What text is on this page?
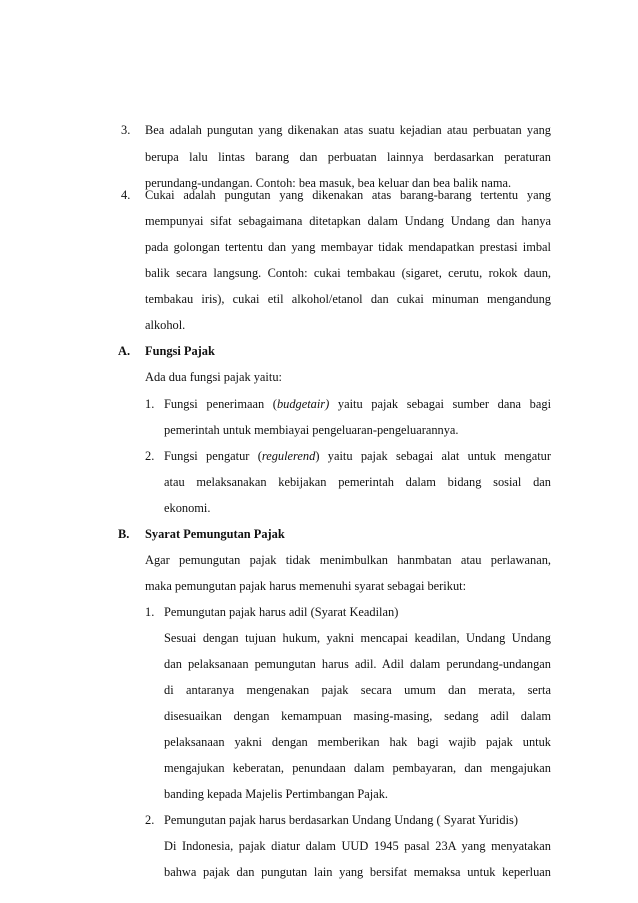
3. Bea adalah pungutan yang dikenakan atas suatu kejadian atau perbuatan yang
berupa lalu lintas barang dan perbuatan lainnya berdasarkan peraturan
perundang-undangan. Contoh: bea masuk, bea keluar dan bea balik nama.
4. Cukai adalah pungutan yang dikenakan atas barang-barang tertentu yang
mempunyai sifat sebagaimana ditetapkan dalam Undang Undang dan hanya
pada golongan tertentu dan yang membayar tidak mendapatkan prestasi imbal
balik secara langsung. Contoh: cukai tembakau (sigaret, cerutu, rokok daun,
tembakau iris), cukai etil alkohol/etanol dan cukai minuman mengandung
alkohol.
A. Fungsi Pajak
Ada dua fungsi pajak yaitu:
1. Fungsi penerimaan (budgetair) yaitu pajak sebagai sumber dana bagi
pemerintah untuk membiayai pengeluaran-pengeluarannya.
2. Fungsi pengatur (regulerend) yaitu pajak sebagai alat untuk mengatur
atau melaksanakan kebijakan pemerintah dalam bidang sosial dan
ekonomi.
B. Syarat Pemungutan Pajak
Agar pemungutan pajak tidak menimbulkan hanmbatan atau perlawanan,
maka pemungutan pajak harus memenuhi syarat sebagai berikut:
1. Pemungutan pajak harus adil (Syarat Keadilan)
Sesuai dengan tujuan hukum, yakni mencapai keadilan, Undang Undang
dan pelaksanaan pemungutan harus adil. Adil dalam perundang-undangan
di antaranya mengenakan pajak secara umum dan merata, serta
disesuaikan dengan kemampuan masing-masing, sedang adil dalam
pelaksanaan yakni dengan memberikan hak bagi wajib pajak untuk
mengajukan keberatan, penundaan dalam pembayaran, dan mengajukan
banding kepada Majelis Pertimbangan Pajak.
2. Pemungutan pajak harus berdasarkan Undang Undang ( Syarat Yuridis)
Di Indonesia, pajak diatur dalam UUD 1945 pasal 23A yang menyatakan
bahwa pajak dan pungutan lain yang bersifat memaksa untuk keperluan
